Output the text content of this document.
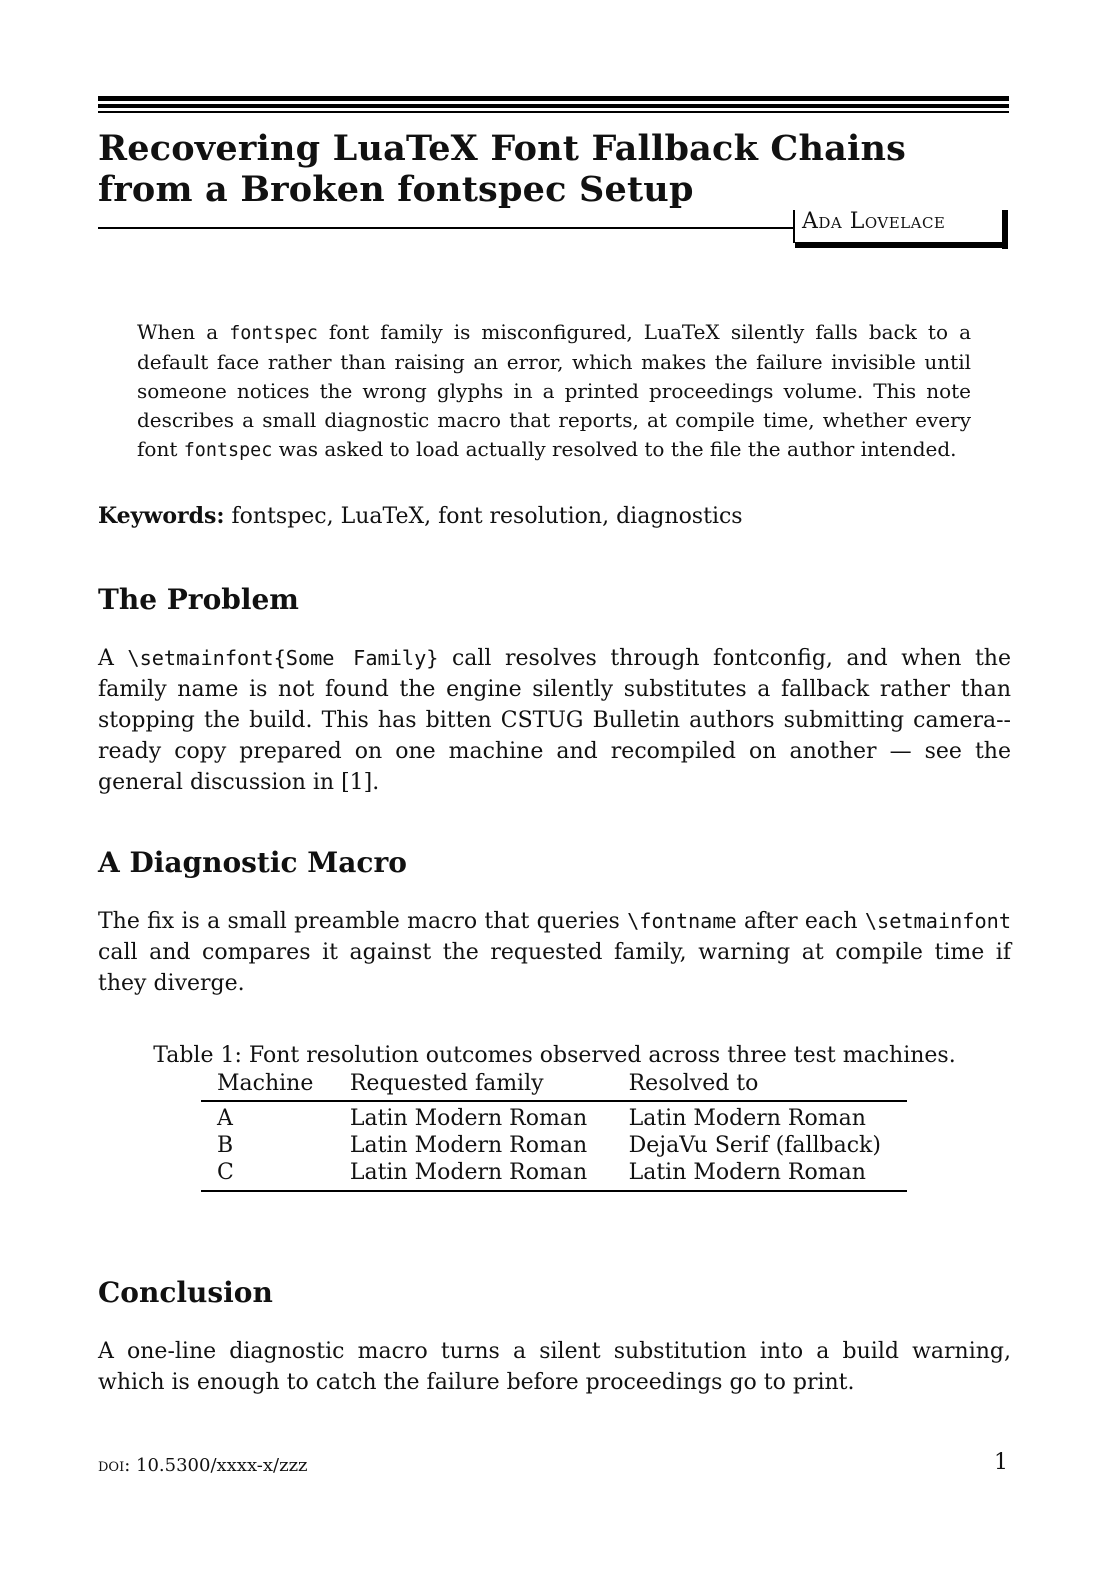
Recovering LuaTeX Font Fallback Chains from a Broken fontspec Setup
Ada Lovelace

When a fontspec font family is misconfigured, LuaTeX silently falls back to a default face rather than raising an error, which makes the failure invisible until someone notices the wrong glyphs in a printed proceedings volume. This note describes a small diagnostic macro that reports, at compile time, whether every font fontspec was asked to load actually resolved to the file the author intended.

Keywords: fontspec, LuaTeX, font resolution, diagnostics
The Problem

A \setmainfont{Some Family} call resolves through fontconfig, and when the family name is not found the engine silently substitutes a fallback rather than stopping the build. This has bitten CSTUG Bulletin authors submitting camera--ready copy prepared on one machine and recompiled on another — see the general discussion in [1].

A Diagnostic Macro

The fix is a small preamble macro that queries \fontname after each \setmainfont call and compares it against the requested family, warning at compile time if they diverge.

Table 1: Font resolution outcomes observed across three test machines.
Machine	Requested family	Resolved to
A	Latin Modern Roman	Latin Modern Roman
B	Latin Modern Roman	DejaVu Serif (fallback)
C	Latin Modern Roman	Latin Modern Roman
Conclusion

A one-line diagnostic macro turns a silent substitution into a build warning, which is enough to catch the failure before proceedings go to print.

doi: 10.5300/xxxx-x/zzz	1
